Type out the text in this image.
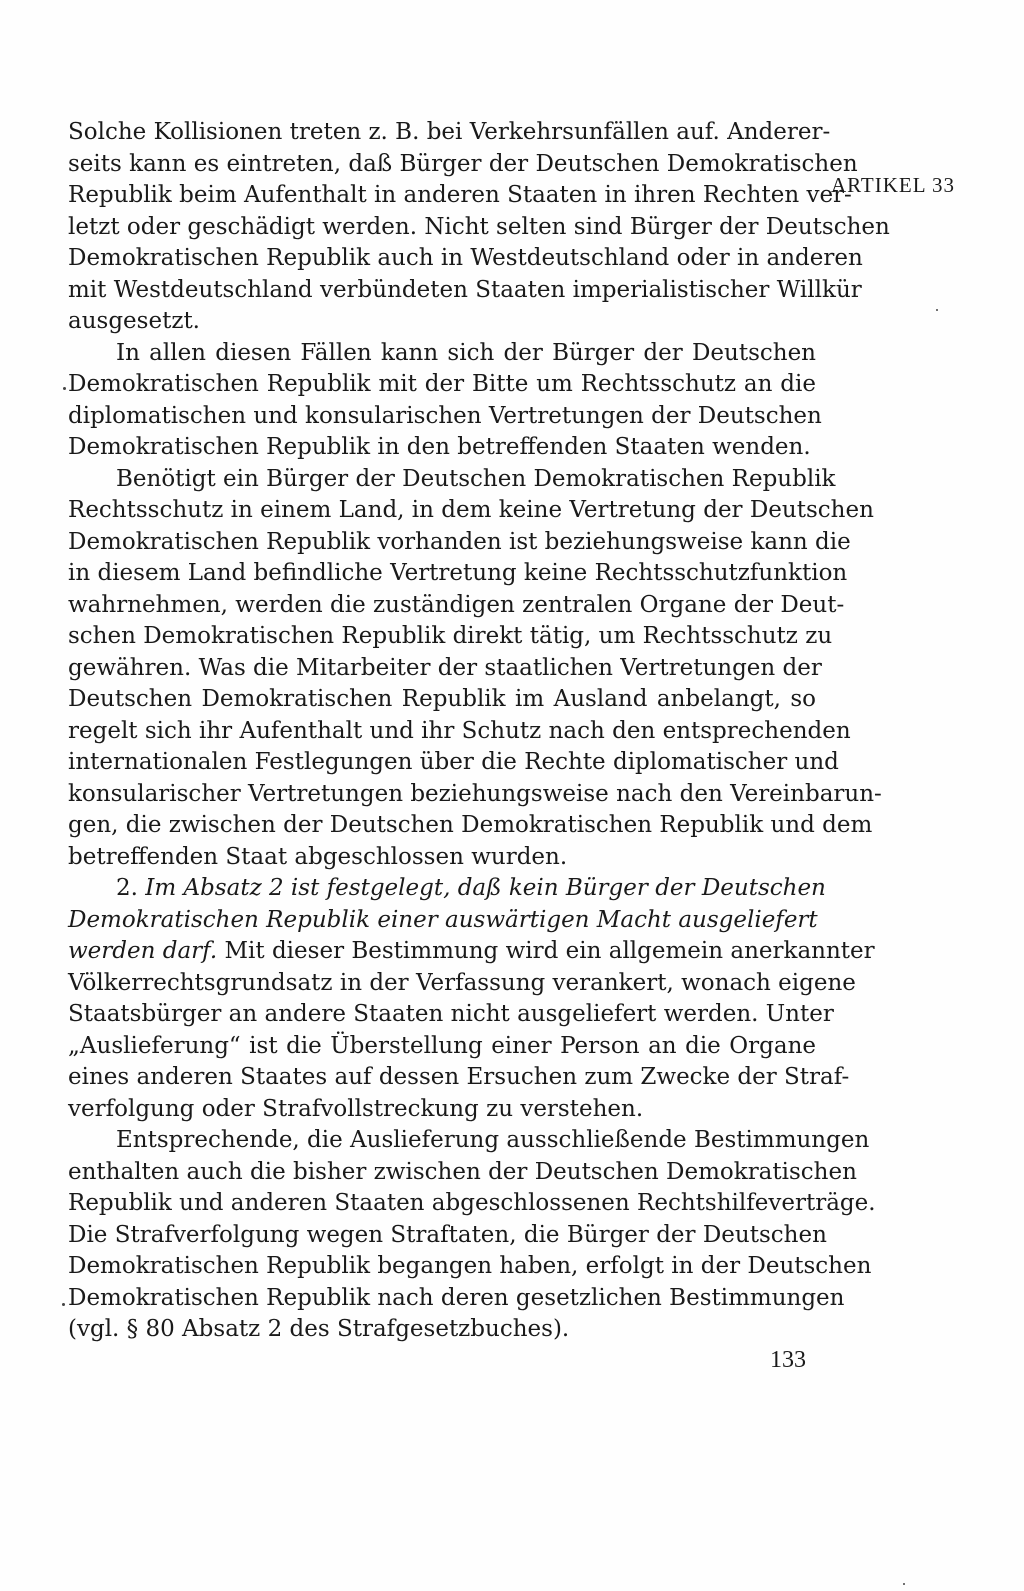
ARTIKEL 33

Solche Kollisionen treten z. B. bei Verkehrsunfällen auf. Anderer-
seits kann es eintreten, daß Bürger der Deutschen Demokratischen
Republik beim Aufenthalt in anderen Staaten in ihren Rechten ver-
letzt oder geschädigt werden. Nicht selten sind Bürger der Deutschen
Demokratischen Republik auch in Westdeutschland oder in anderen
mit Westdeutschland verbündeten Staaten imperialistischer Willkür
ausgesetzt.

In allen diesen Fällen kann sich der Bürger der Deutschen
Demokratischen Republik mit der Bitte um Rechtsschutz an die
diplomatischen und konsularischen Vertretungen der Deutschen
Demokratischen Republik in den betreffenden Staaten wenden.

Benötigt ein Bürger der Deutschen Demokratischen Republik
Rechtsschutz in einem Land, in dem keine Vertretung der Deutschen
Demokratischen Republik vorhanden ist beziehungsweise kann die
in diesem Land befindliche Vertretung keine Rechtsschutzfunktion
wahrnehmen, werden die zuständigen zentralen Organe der Deut-
schen Demokratischen Republik direkt tätig, um Rechtsschutz zu
gewähren. Was die Mitarbeiter der staatlichen Vertretungen der
Deutschen Demokratischen Republik im Ausland anbelangt, so
regelt sich ihr Aufenthalt und ihr Schutz nach den entsprechenden
internationalen Festlegungen über die Rechte diplomatischer und
konsularischer Vertretungen beziehungsweise nach den Vereinbarun-
gen, die zwischen der Deutschen Demokratischen Republik und dem
betreffenden Staat abgeschlossen wurden.

2. Im Absatz 2 ist festgelegt, daß kein Bürger der Deutschen
Demokratischen Republik einer auswärtigen Macht ausgeliefert
werden darf. Mit dieser Bestimmung wird ein allgemein anerkannter
Völkerrechtsgrundsatz in der Verfassung verankert, wonach eigene
Staatsbürger an andere Staaten nicht ausgeliefert werden. Unter
„Auslieferung“ ist die Überstellung einer Person an die Organe
eines anderen Staates auf dessen Ersuchen zum Zwecke der Straf-
verfolgung oder Strafvollstreckung zu verstehen.

Entsprechende, die Auslieferung ausschließende Bestimmungen
enthalten auch die bisher zwischen der Deutschen Demokratischen
Republik und anderen Staaten abgeschlossenen Rechtshilfeverträge.
Die Strafverfolgung wegen Straftaten, die Bürger der Deutschen
Demokratischen Republik begangen haben, erfolgt in der Deutschen
Demokratischen Republik nach deren gesetzlichen Bestimmungen
(vgl. § 80 Absatz 2 des Strafgesetzbuches).

133
